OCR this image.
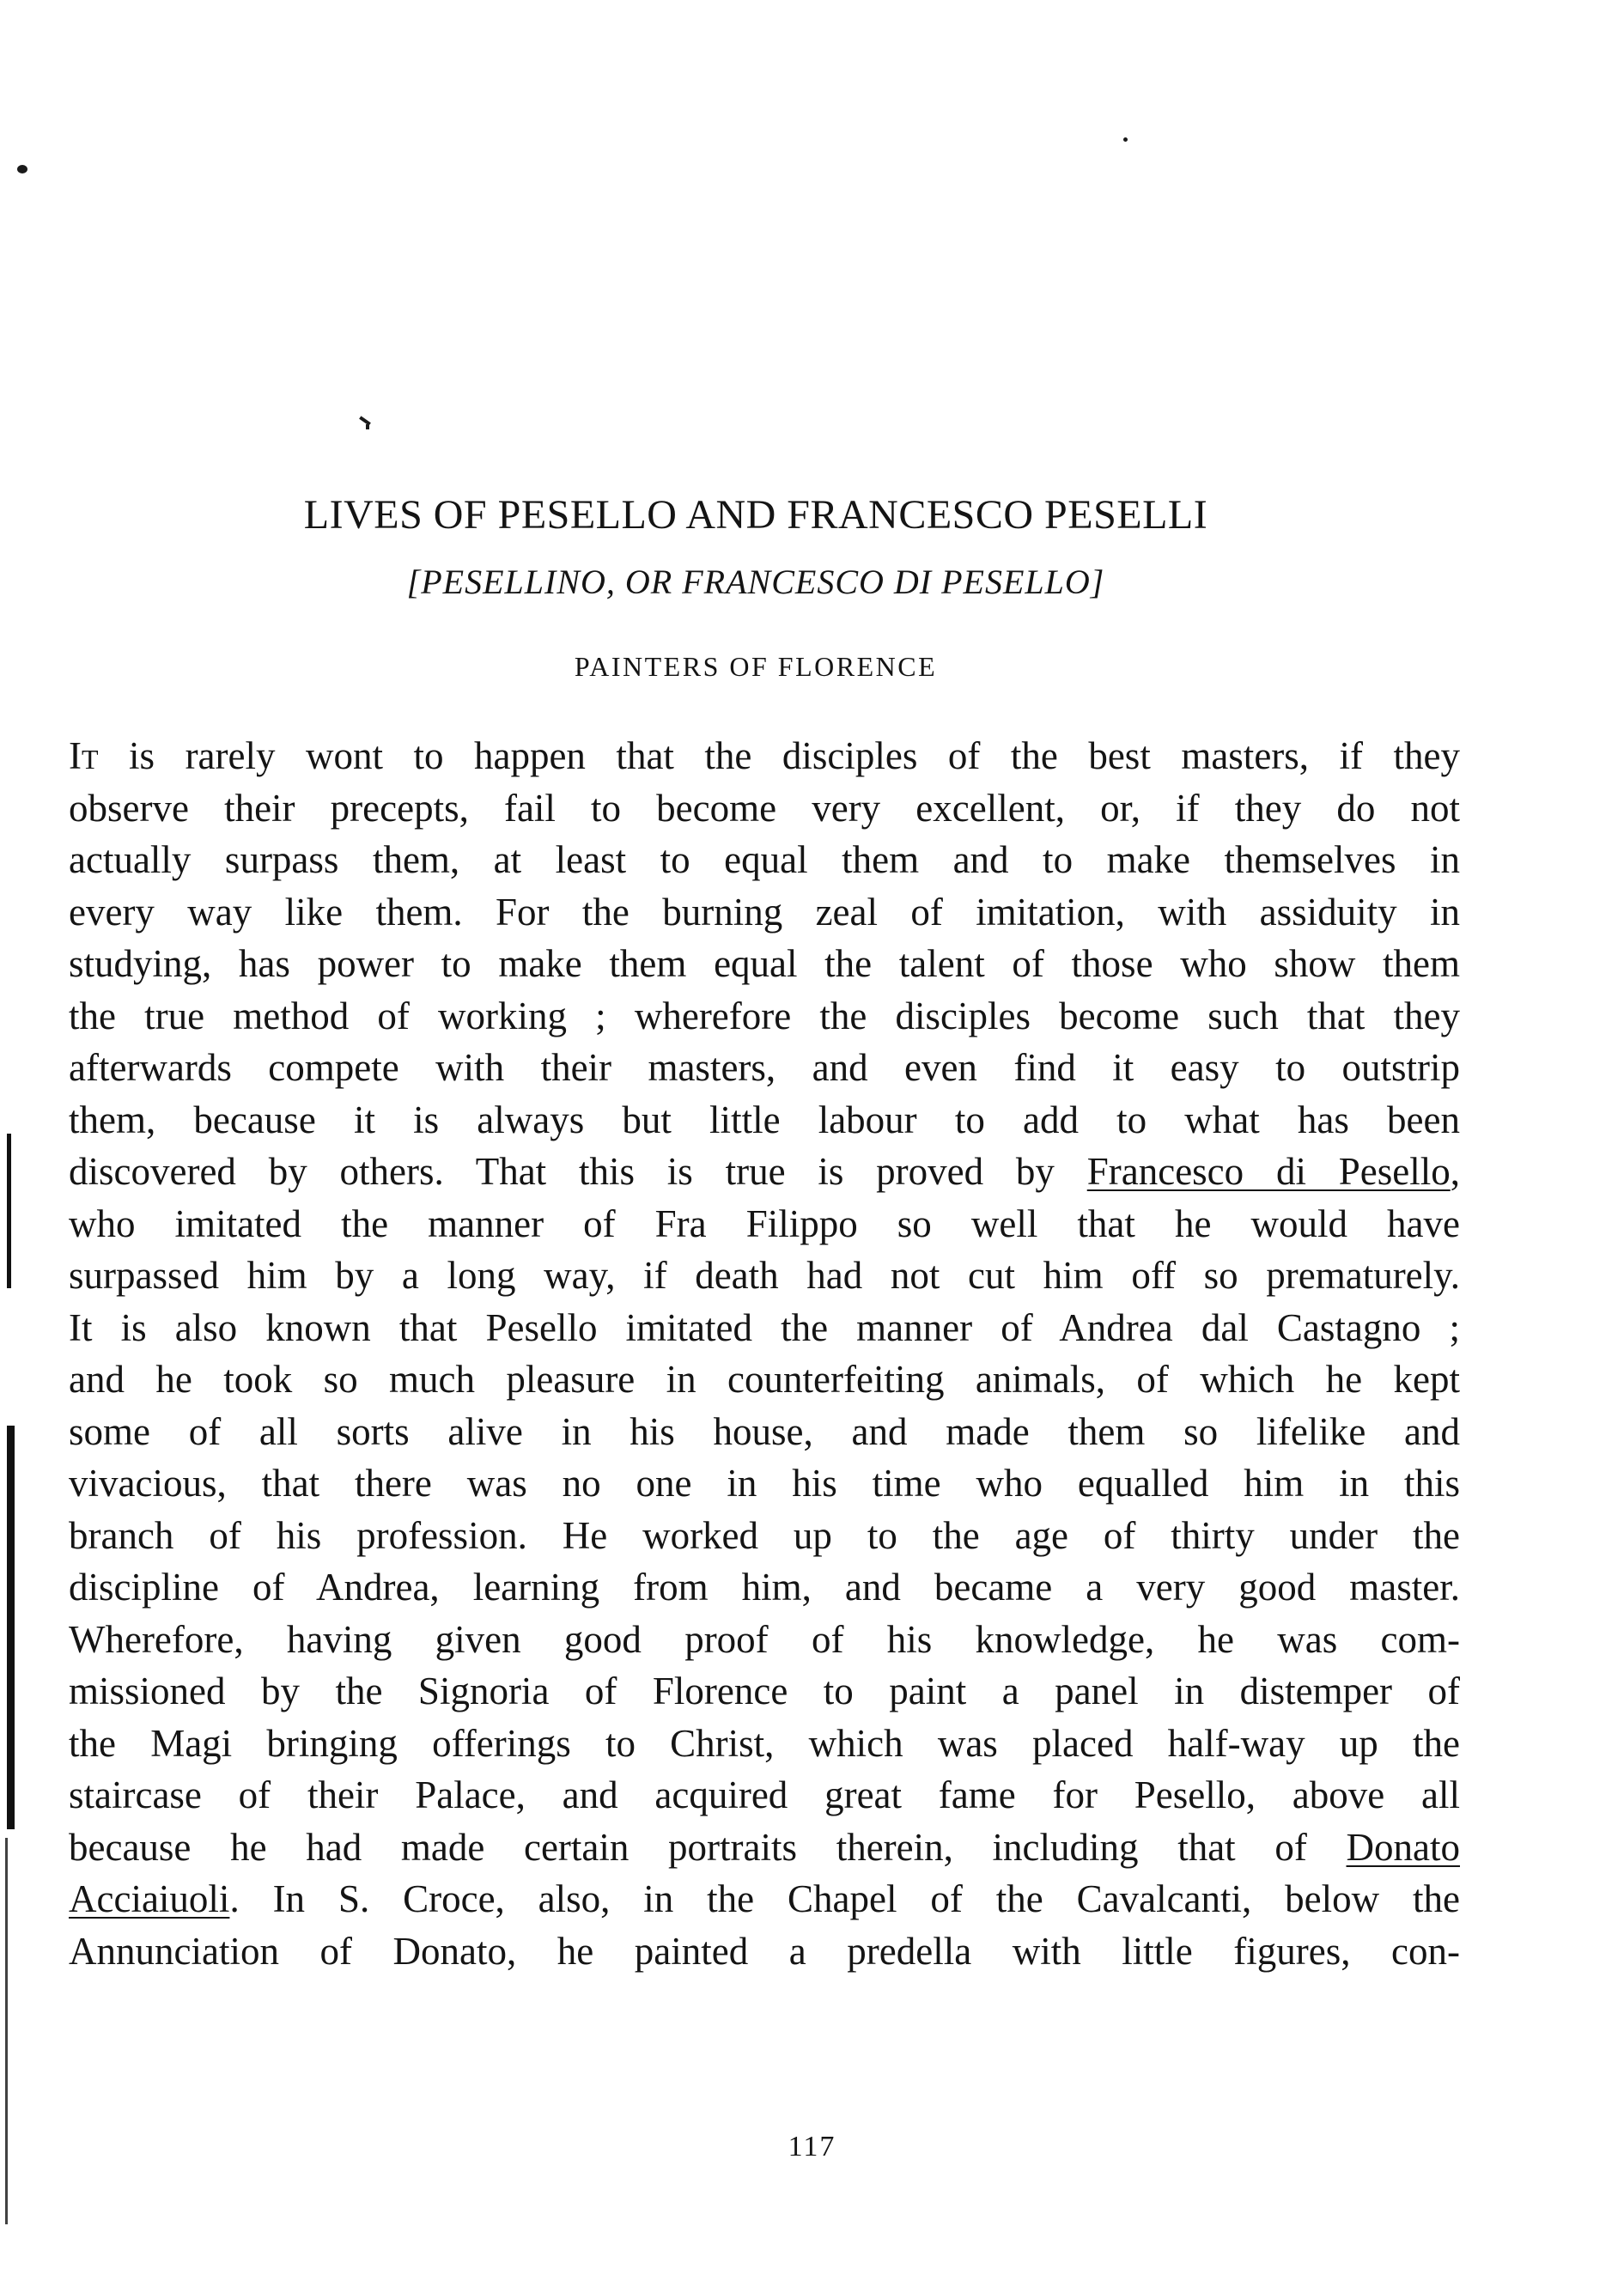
LIVES OF PESELLO AND FRANCESCO PESELLI
[PESELLINO, OR FRANCESCO DI PESELLO]
PAINTERS OF FLORENCE
It is rarely wont to happen that the disciples of the best masters, if they
observe their precepts, fail to become very excellent, or, if they do not
actually surpass them, at least to equal them and to make themselves in
every way like them. For the burning zeal of imitation, with assiduity in
studying, has power to make them equal the talent of those who show them
the true method of working ; wherefore the disciples become such that they
afterwards compete with their masters, and even find it easy to outstrip
them, because it is always but little labour to add to what has been
discovered by others. That this is true is proved by Francesco di Pesello,
who imitated the manner of Fra Filippo so well that he would have
surpassed him by a long way, if death had not cut him off so prematurely.
It is also known that Pesello imitated the manner of Andrea dal Castagno ;
and he took so much pleasure in counterfeiting animals, of which he kept
some of all sorts alive in his house, and made them so lifelike and
vivacious, that there was no one in his time who equalled him in this
branch of his profession. He worked up to the age of thirty under the
discipline of Andrea, learning from him, and became a very good master.
Wherefore, having given good proof of his knowledge, he was com-
missioned by the Signoria of Florence to paint a panel in distemper of
the Magi bringing offerings to Christ, which was placed half-way up the
staircase of their Palace, and acquired great fame for Pesello, above all
because he had made certain portraits therein, including that of Donato
Acciaiuoli. In S. Croce, also, in the Chapel of the Cavalcanti, below the
Annunciation of Donato, he painted a predella with little figures, con-
117
